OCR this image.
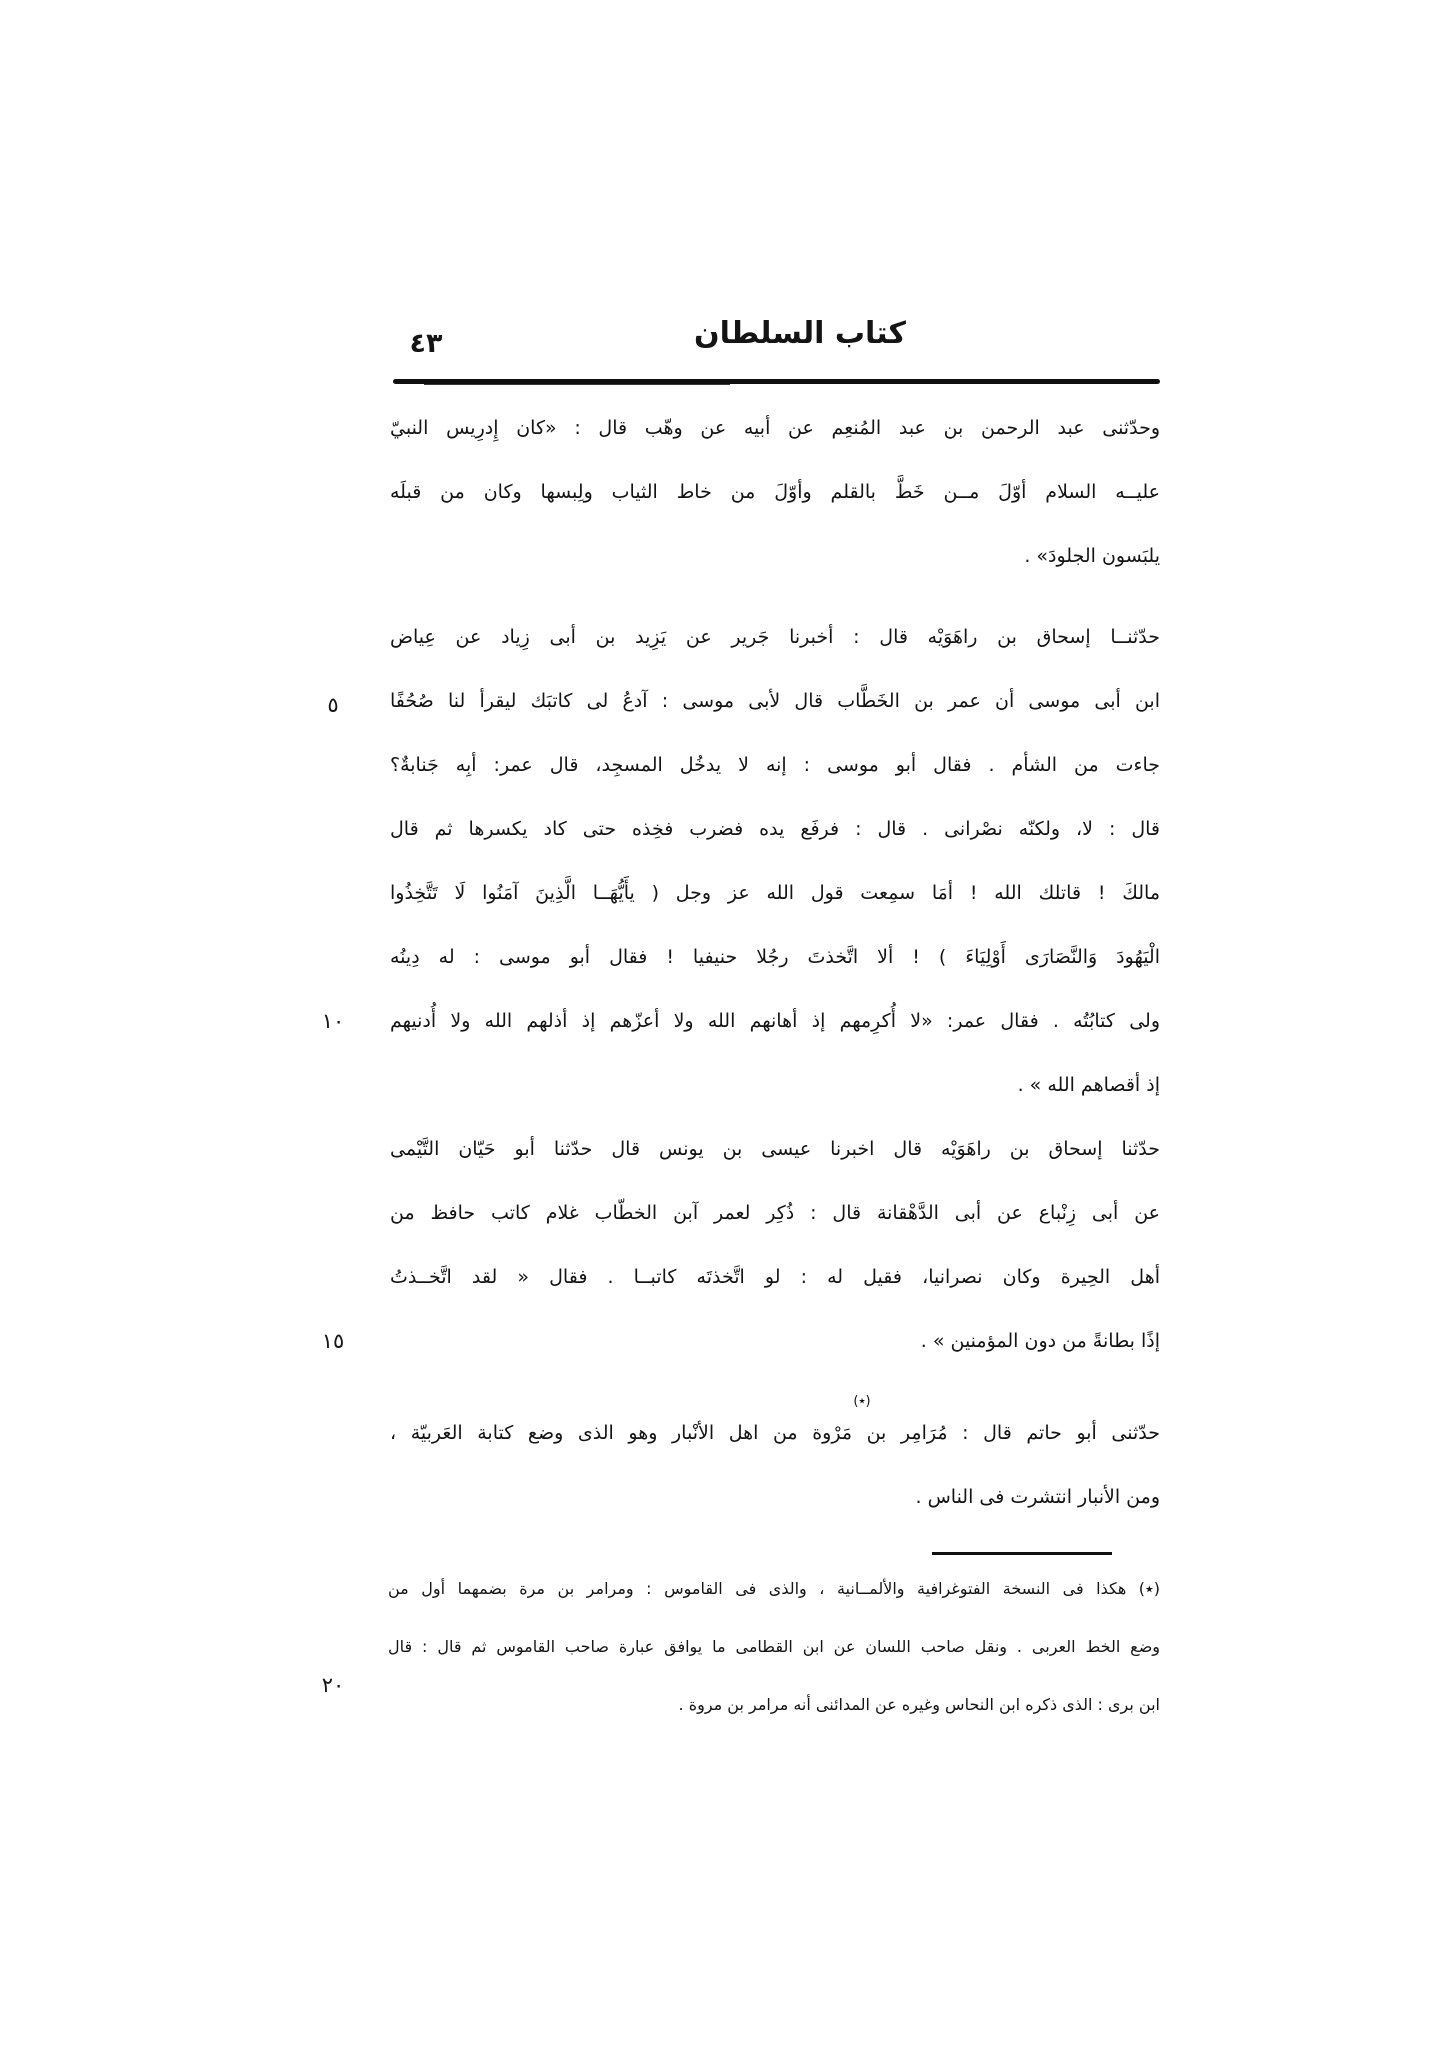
كتاب السلطان
٤٣
وحدّثنى عبد الرحمن بن عبد المُنعِم عن أبيه عن وهّب قال : «كان إِدرِيس النبيّ
عليــه السلام أوّلَ مــن خَطَّ بالقلم وأوّلَ من خاط الثياب ولِبسها وكان من قبلَه
يلبَسون الجلودَ» .
حدّثنــا إسحاق بن راهَوَيْه قال : أخبرنا جَرير عن يَزِيد بن أبى زِياد عن عِياض
ابن أبى موسى أن عمر بن الخَطَّاب قال لأبى موسى : آدعُ لى كاتبَك ليقرأ لنا صُحُفًا
جاءت من الشأم . فقال أبو موسى : إنه لا يدخُل المسجِد، قال عمر: أبِه جَنابةٌ؟
قال : لا، ولكنّه نصْرانى . قال : فرفَع يده فضرب فخِذه حتى كاد يكسرها ثم قال
مالكَ ! قاتلك الله ! أمَا سمِعت قول الله عز وجل ( يأَيُّهَــا الَّذِينَ آمَنُوا لَا تَتَّخِذُوا
الْيَهُودَ وَالنَّصَارَى أَوْلِيَاءَ ) ! ألا اتَّخذتَ رجُلا حنيفيا ! فقال أبو موسى : له دِينُه
ولى كتابُتُه . فقال عمر: «لا أُكرِمهم إذ أهانهم الله ولا أعزّهم إذ أذلهم الله ولا أُدنيهم
إذ أقصاهم الله » .
حدّثنا إسحاق بن راهَوَيْه قال اخبرنا عيسى بن يونس قال حدّثنا أبو حَيّان التَّيْمى
عن أبى زِنْباع عن أبى الدَّهْقانة قال : ذُكِر لعمر آبن الخطّاب غلام كاتب حافظ من
أهل الحِيرة وكان نصرانيا، فقيل له : لو اتَّخذتَه كاتبــا . فقال « لقد اتَّخــذتُ
إذًا بطانةً من دون المؤمنين » .
(٭)
حدّثنى أبو حاتم قال : مُرَامِر بن مَرْوة من اهل الأنْبار وهو الذى وضع كتابة العَربيّة ،
ومن الأنبار انتشرت فى الناس .
٥
١٠
١٥
٢٠
(٭) هكذا فى النسخة الفتوغرافية والألمــانية ، والذى فى القاموس : ومرامر بن مرة بضمهما أول من
وضع الخط العربى . ونقل صاحب اللسان عن ابن القطامى ما يوافق عبارة صاحب القاموس ثم قال : قال
ابن برى : الذى ذكره ابن النحاس وغيره عن المدائنى أنه مرامر بن مروة .
